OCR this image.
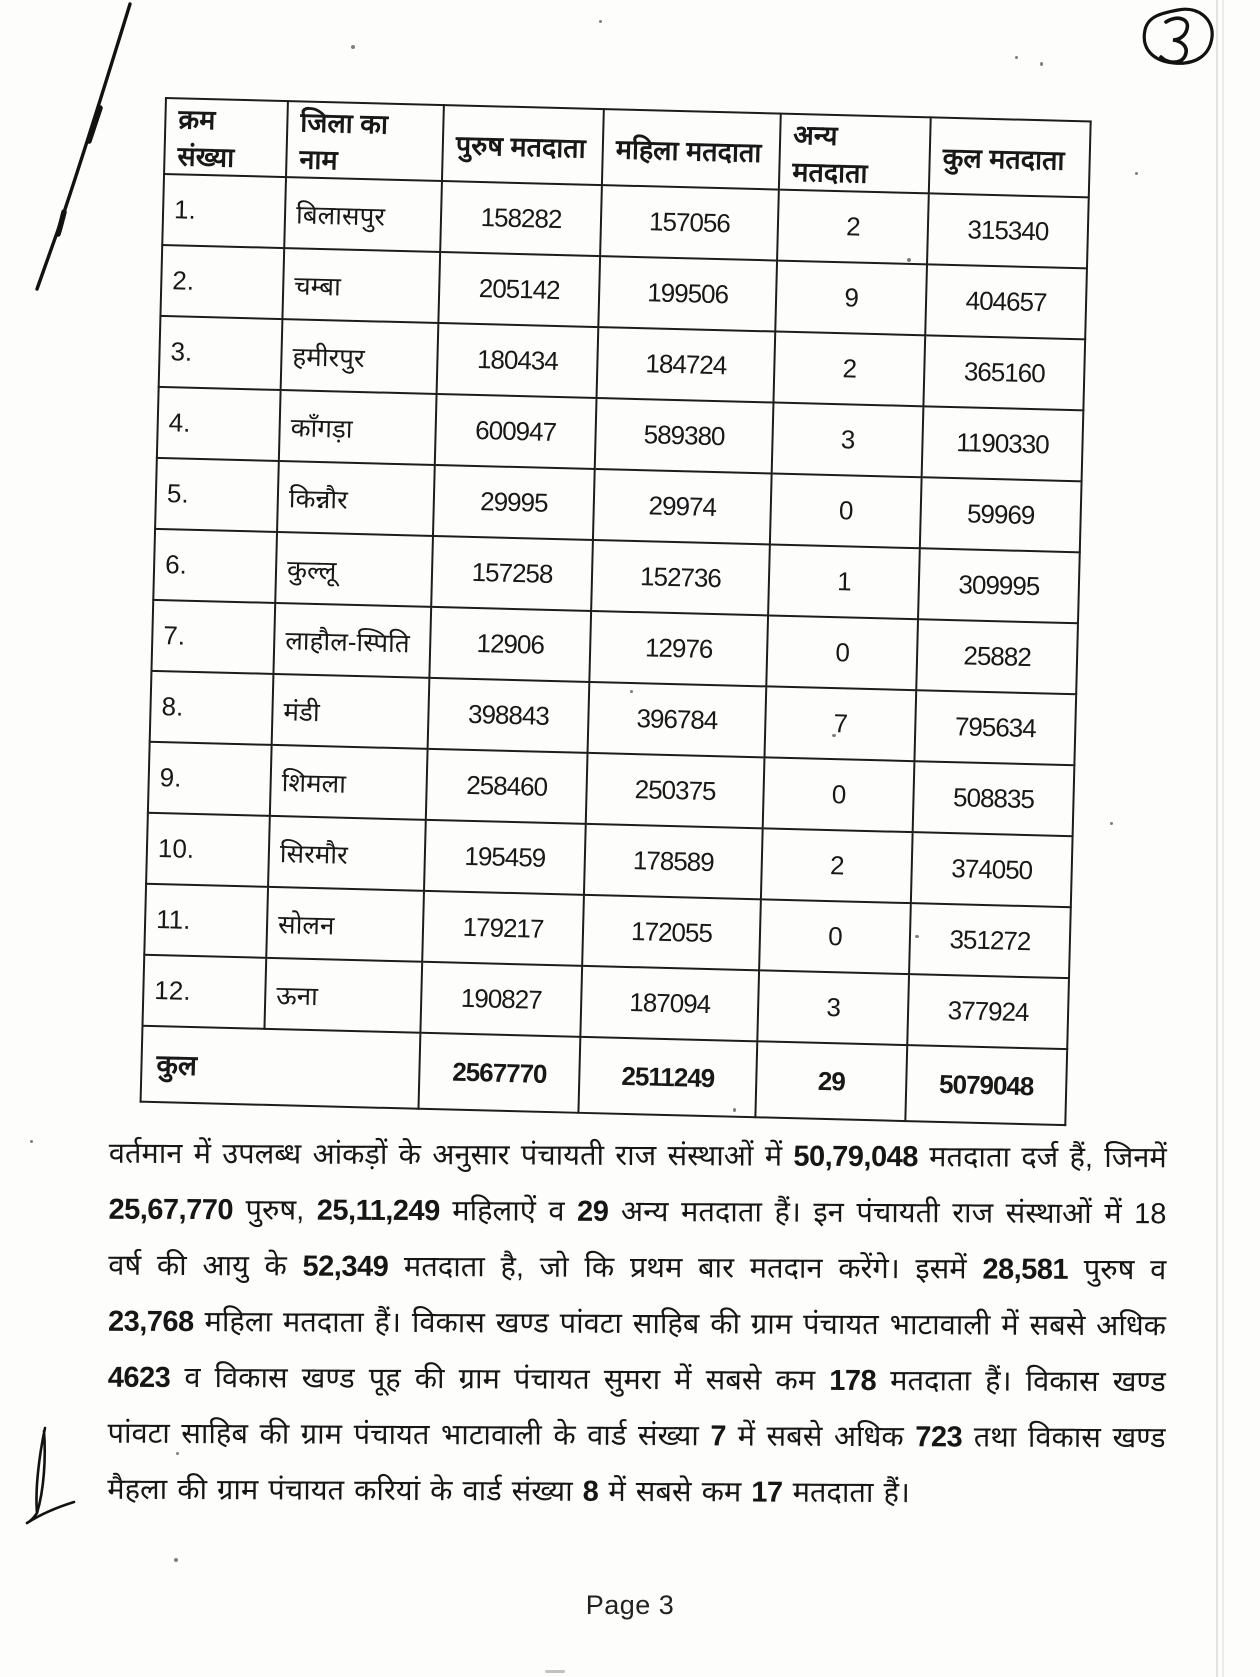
क्रम संख्या	जिला का नाम	पुरुष मतदाता	महिला मतदाता	अन्य मतदाता	कुल मतदाता
1.	बिलासपुर	158282	157056	2	315340
2.	चम्बा	205142	199506	9	404657
3.	हमीरपुर	180434	184724	2	365160
4.	काँगड़ा	600947	589380	3	1190330
5.	किन्नौर	29995	29974	0	59969
6.	कुल्लू	157258	152736	1	309995
7.	लाहौल-स्पिति	12906	12976	0	25882
8.	मंडी	398843	396784	7	795634
9.	शिमला	258460	250375	0	508835
10.	सिरमौर	195459	178589	2	374050
11.	सोलन	179217	172055	0	351272
12.	ऊना	190827	187094	3	377924
कुल		2567770	2511249	29	5079048

वर्तमान में उपलब्ध आंकड़ों के अनुसार पंचायती राज संस्थाओं में 50,79,048 मतदाता दर्ज हैं, जिनमें 25,67,770 पुरुष, 25,11,249 महिलाऐं व 29 अन्य मतदाता हैं। इन पंचायती राज संस्थाओं में 18 वर्ष की आयु के 52,349 मतदाता है, जो कि प्रथम बार मतदान करेंगे। इसमें 28,581 पुरुष व 23,768 महिला मतदाता हैं। विकास खण्ड पांवटा साहिब की ग्राम पंचायत भाटावाली में सबसे अधिक 4623 व विकास खण्ड पूह की ग्राम पंचायत सुमरा में सबसे कम 178 मतदाता हैं। विकास खण्ड पांवटा साहिब की ग्राम पंचायत भाटावाली के वार्ड संख्या 7 में सबसे अधिक 723 तथा विकास खण्ड मैहला की ग्राम पंचायत करियां के वार्ड संख्या 8 में सबसे कम 17 मतदाता हैं।

Page 3
